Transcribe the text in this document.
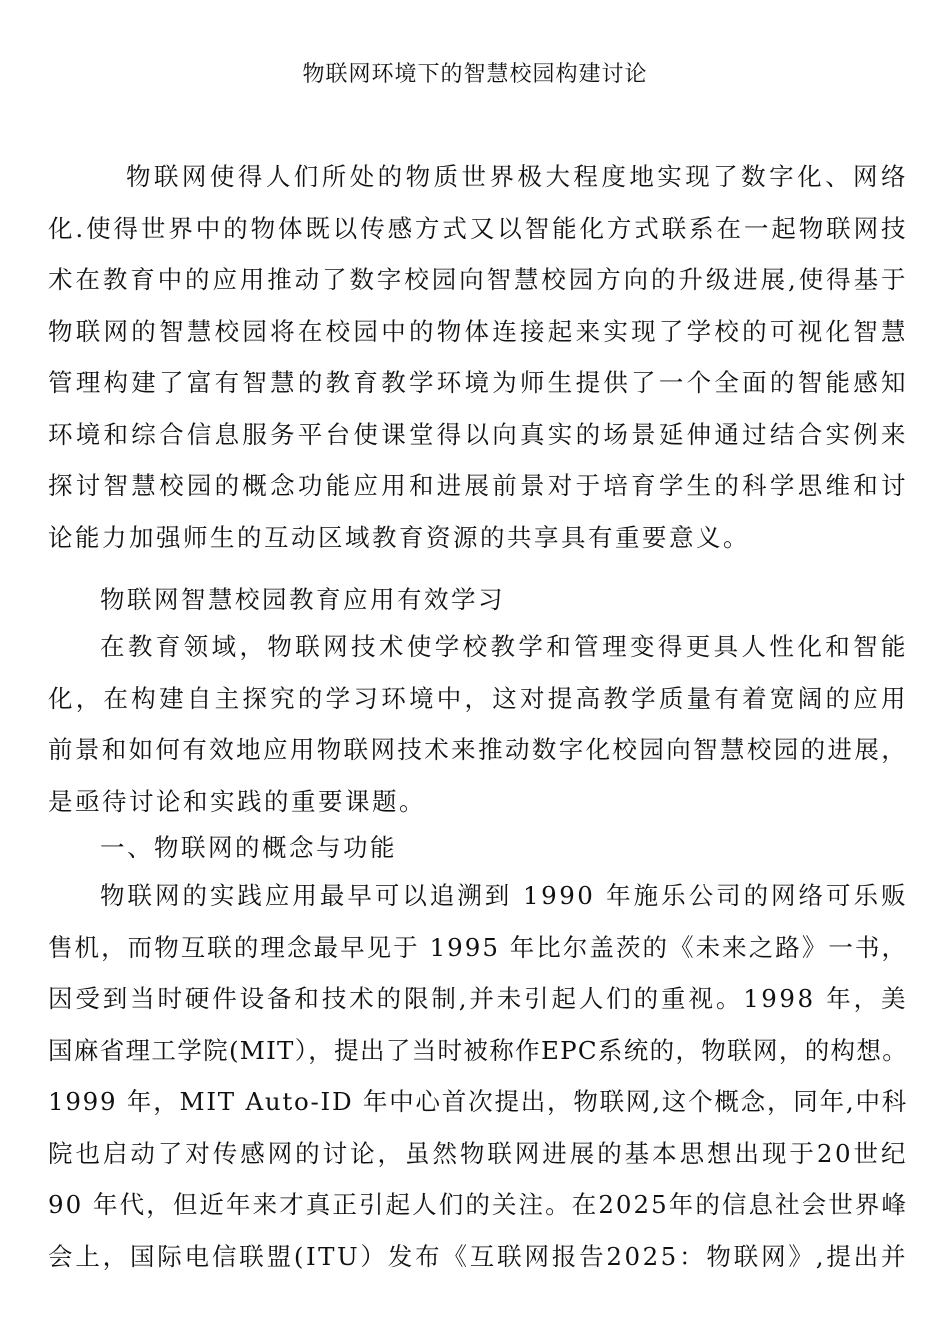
物联网环境下的智慧校园构建讨论
物联网使得人们所处的物质世界极大程度地实现了数字化、网络
化.使得世界中的物体既以传感方式又以智能化方式联系在一起物联网技
术在教育中的应用推动了数字校园向智慧校园方向的升级进展,使得基于
物联网的智慧校园将在校园中的物体连接起来实现了学校的可视化智慧
管理构建了富有智慧的教育教学环境为师生提供了一个全面的智能感知
环境和综合信息服务平台使课堂得以向真实的场景延伸通过结合实例来
探讨智慧校园的概念功能应用和进展前景对于培育学生的科学思维和讨
论能力加强师生的互动区域教育资源的共享具有重要意义。
物联网智慧校园教育应用有效学习
在教育领域，物联网技术使学校教学和管理变得更具人性化和智能
化，在构建自主探究的学习环境中，这对提高教学质量有着宽阔的应用
前景和如何有效地应用物联网技术来推动数字化校园向智慧校园的进展，
是亟待讨论和实践的重要课题。
一、物联网的概念与功能
物联网的实践应用最早可以追溯到 1990 年施乐公司的网络可乐贩
售机，而物互联的理念最早见于 1995 年比尔盖茨的《未来之路》一书，
因受到当时硬件设备和技术的限制,并未引起人们的重视。1998 年，美
国麻省理工学院(MIT），提出了当时被称作EPC系统的，物联网，的构想。
1999 年，MIT Auto-ID 年中心首次提出，物联网,这个概念，同年,中科
院也启动了对传感网的讨论，虽然物联网进展的基本思想出现于20世纪
90 年代，但近年来才真正引起人们的关注。在2025年的信息社会世界峰
会上，国际电信联盟(ITU）发布《互联网报告2025：物联网》,提出并
